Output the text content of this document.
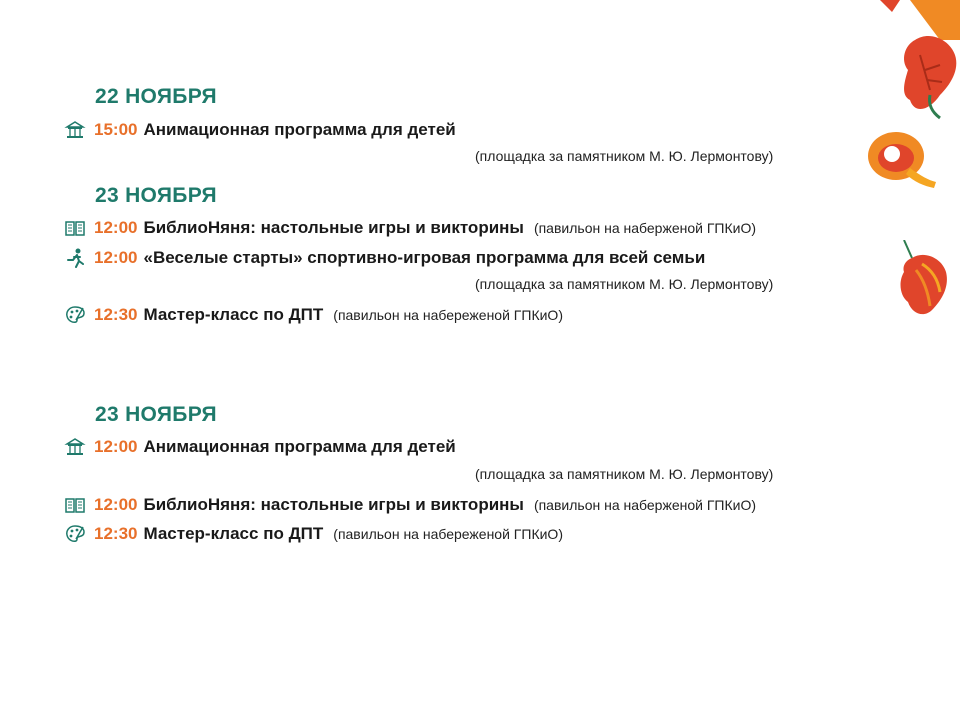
22 НОЯБРЯ
15:00 Анимационная программа для детей
(площадка за памятником М. Ю. Лермонтову)
23 НОЯБРЯ
12:00 БиблиоНяня: настольные игры и викторины (павильон на наберженой ГПКиО)
12:00 «Веселые старты» спортивно-игровая программа для всей семьи
(площадка за памятником М. Ю. Лермонтову)
12:30 Мастер-класс по ДПТ (павильон на набереженой ГПКиО)
23 НОЯБРЯ
12:00 Анимационная программа для детей
(площадка за памятником М. Ю. Лермонтову)
12:00 БиблиоНяня: настольные игры и викторины (павильон на наберженой ГПКиО)
12:30 Мастер-класс по ДПТ (павильон на набереженой ГПКиО)
